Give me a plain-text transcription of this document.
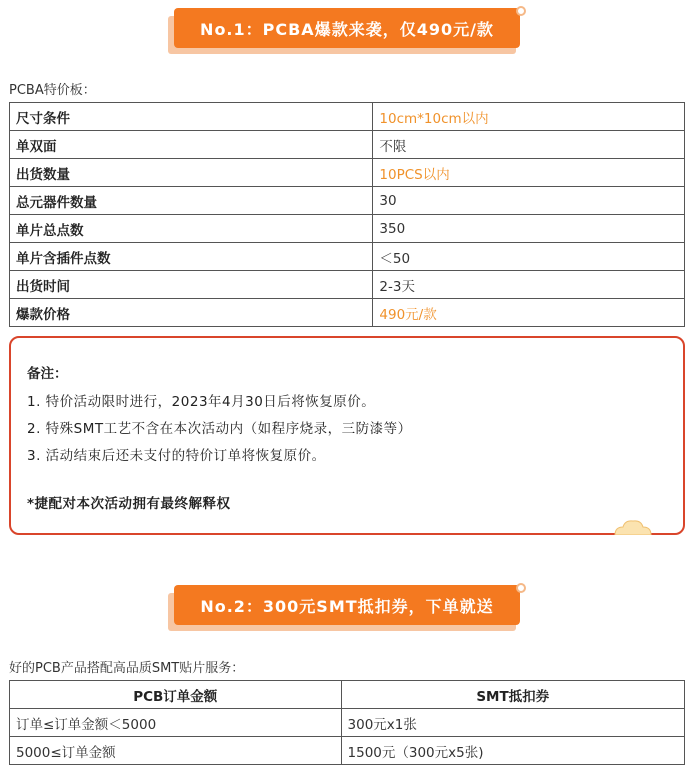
No.1：PCBA爆款来袭，仅490元/款
PCBA特价板：
尺寸条件	10cm*10cm以内
单双面	不限
出货数量	10PCS以内
总元器件数量	30
单片总点数	350
单片含插件点数	＜50
出货时间	2-3天
爆款价格	490元/款
备注：
1. 特价活动限时进行，2023年4月30日后将恢复原价。
2. 特殊SMT工艺不含在本次活动内（如程序烧录，三防漆等）
3. 活动结束后还未支付的特价订单将恢复原价。
*捷配对本次活动拥有最终解释权
No.2：300元SMT抵扣券，下单就送
好的PCB产品搭配高品质SMT贴片服务：
PCB订单金额	SMT抵扣券
订单≤订单金额＜5000	300元x1张
5000≤订单金额	1500元（300元x5张)
